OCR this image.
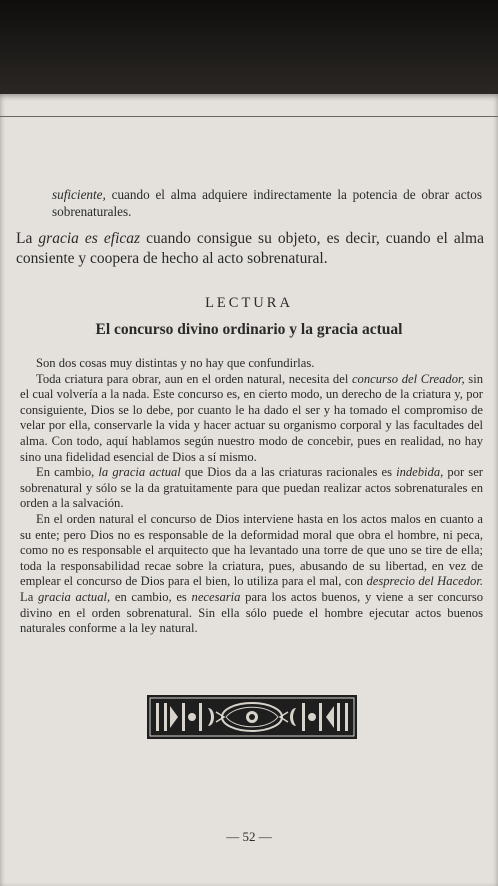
suficiente, cuando el alma adquiere indirectamente la potencia de obrar actos sobrenaturales.
La gracia es eficaz cuando consigue su objeto, es decir, cuando el alma consiente y coopera de hecho al acto sobrenatural.
LECTURA
El concurso divino ordinario y la gracia actual

Son dos cosas muy distintas y no hay que confundirlas.

Toda criatura para obrar, aun en el orden natural, necesita del concurso del Creador, sin el cual volvería a la nada. Este concurso es, en cierto modo, un derecho de la criatura y, por consiguiente, Dios se lo debe, por cuanto le ha dado el ser y ha tomado el compromiso de velar por ella, conservarle la vida y hacer actuar su organismo corporal y las facultades del alma. Con todo, aquí hablamos según nuestro modo de concebir, pues en realidad, no hay sino una fidelidad esencial de Dios a sí mismo.

En cambio, la gracia actual que Dios da a las criaturas racionales es indebida, por ser sobrenatural y sólo se la da gratuitamente para que puedan realizar actos sobrenaturales en orden a la salvación.

En el orden natural el concurso de Dios interviene hasta en los actos malos en cuanto a su ente; pero Dios no es responsable de la deformidad moral que obra el hombre, ni peca, como no es responsable el arquitecto que ha levantado una torre de que uno se tire de ella; toda la responsabilidad recae sobre la criatura, pues, abusando de su libertad, en vez de emplear el concurso de Dios para el bien, lo utiliza para el mal, con desprecio del Hacedor. La gracia actual, en cambio, es necesaria para los actos buenos, y viene a ser concurso divino en el orden sobrenatural. Sin ella sólo puede el hombre ejecutar actos buenos naturales conforme a la ley natural.

— 52 —
